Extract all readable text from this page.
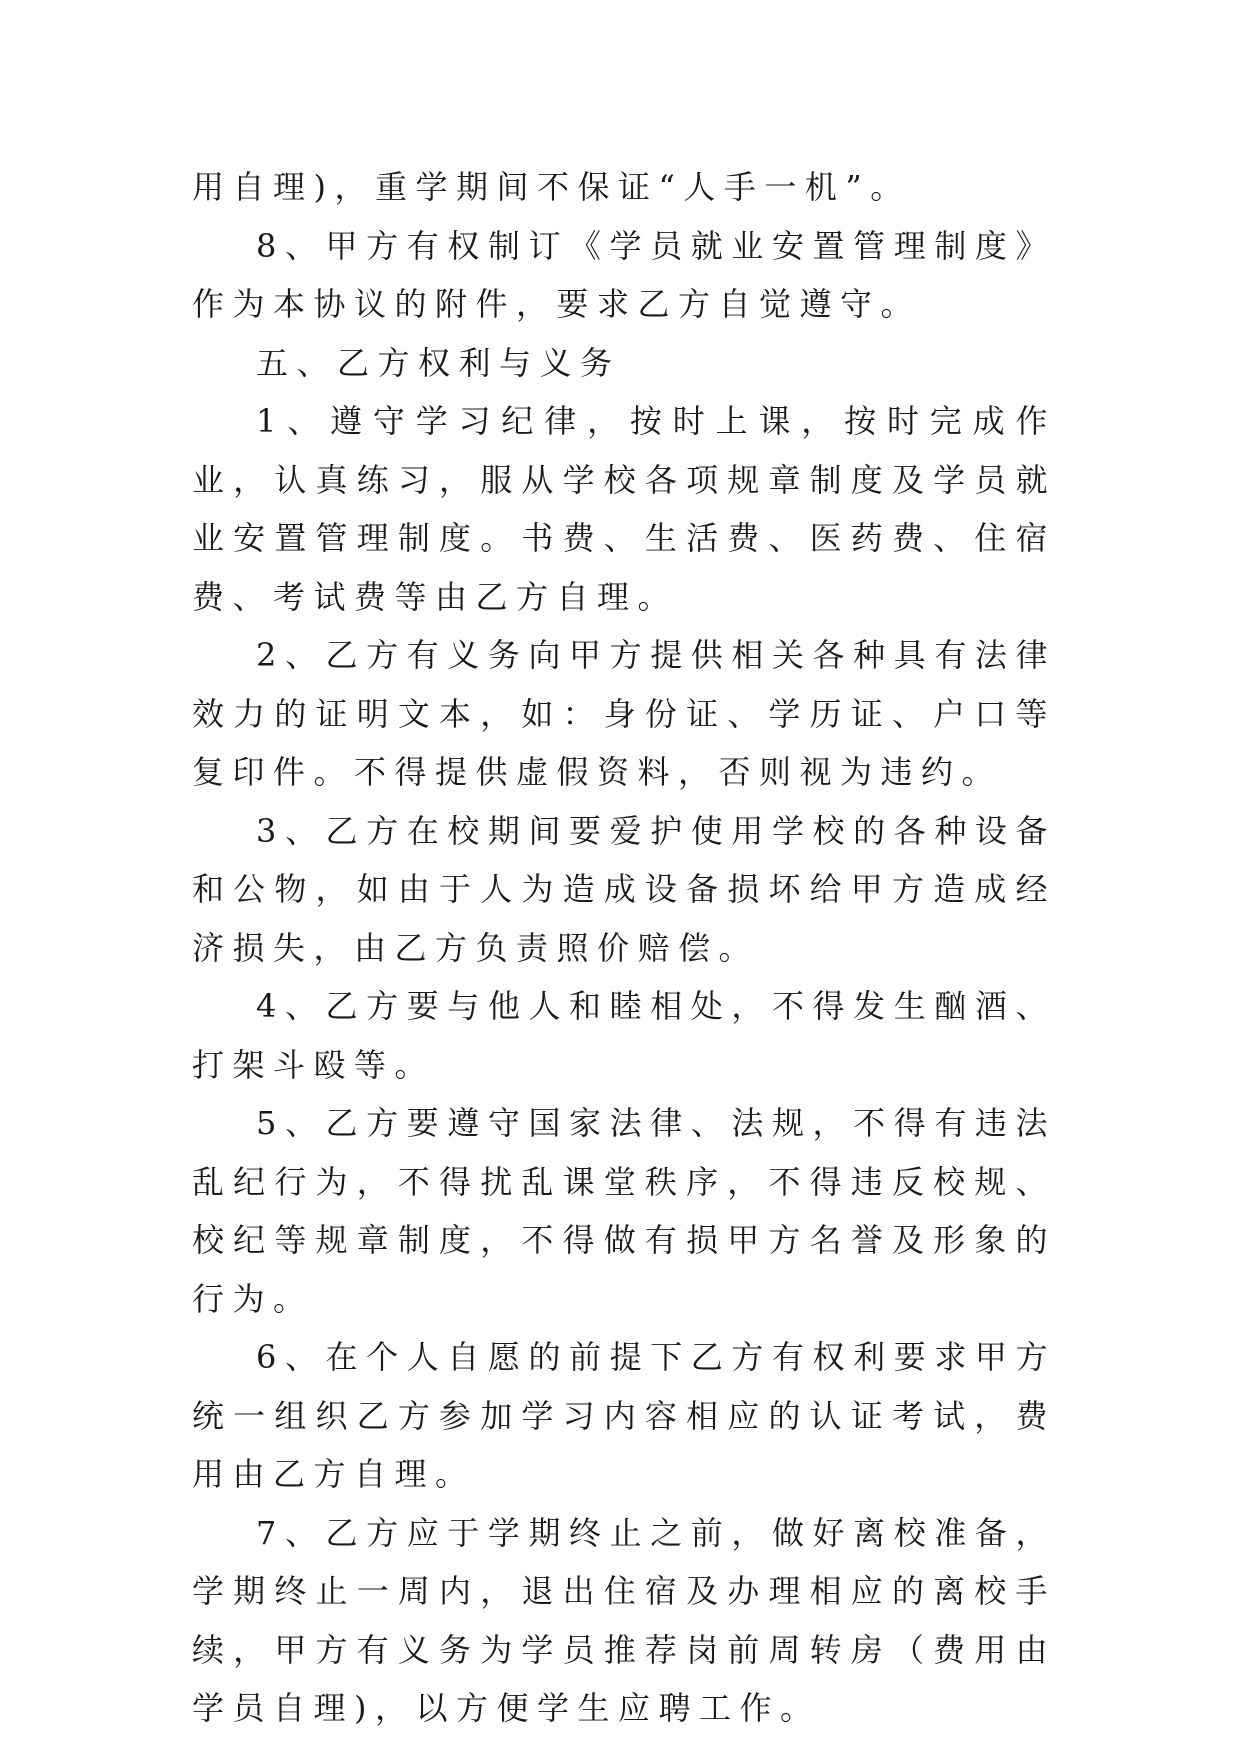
用自理)，重学期间不保证“人手一机”。

8、甲方有权制订《学员就业安置管理制度》作为本协议的附件，要求乙方自觉遵守。

五、乙方权利与义务

1、遵守学习纪律，按时上课，按时完成作业，认真练习，服从学校各项规章制度及学员就业安置管理制度。书费、生活费、医药费、住宿费、考试费等由乙方自理。

2、乙方有义务向甲方提供相关各种具有法律效力的证明文本，如：身份证、学历证、户口等复印件。不得提供虚假资料，否则视为违约。

3、乙方在校期间要爱护使用学校的各种设备和公物，如由于人为造成设备损坏给甲方造成经济损失，由乙方负责照价赔偿。

4、乙方要与他人和睦相处，不得发生酗酒、打架斗殴等。

5、乙方要遵守国家法律、法规，不得有违法乱纪行为，不得扰乱课堂秩序，不得违反校规、校纪等规章制度，不得做有损甲方名誉及形象的行为。

6、在个人自愿的前提下乙方有权利要求甲方统一组织乙方参加学习内容相应的认证考试，费用由乙方自理。

7、乙方应于学期终止之前，做好离校准备，学期终止一周内，退出住宿及办理相应的离校手续，甲方有义务为学员推荐岗前周转房（费用由学员自理)，以方便学生应聘工作。
